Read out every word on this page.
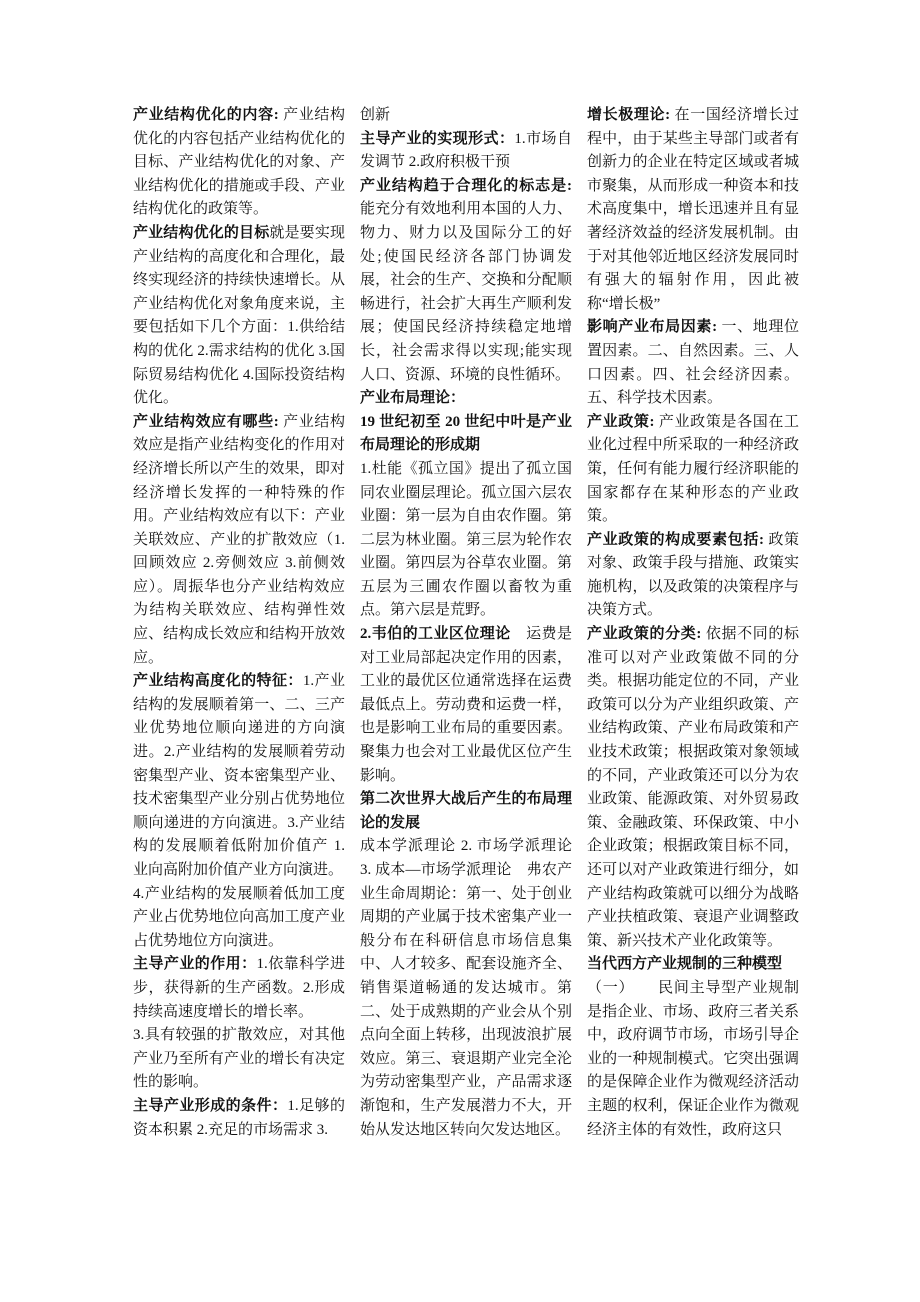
产业结构优化的内容: 产业结构优化的内容包括产业结构优化的目标、产业结构优化的对象、产业结构优化的措施或手段、产业结构优化的政策等。

产业结构优化的目标就是要实现产业结构的高度化和合理化，最终实现经济的持续快速增长。从产业结构优化对象角度来说，主要包括如下几个方面：1.供给结构的优化 2.需求结构的优化 3.国际贸易结构优化 4.国际投资结构优化。

产业结构效应有哪些: 产业结构效应是指产业结构变化的作用对经济增长所以产生的效果，即对经济增长发挥的一种特殊的作用。产业结构效应有以下：产业关联效应、产业的扩散效应（1.回顾效应 2.旁侧效应 3.前侧效应）。周振华也分产业结构效应为结构关联效应、结构弹性效应、结构成长效应和结构开放效应。

产业结构高度化的特征：1.产业结构的发展顺着第一、二、三产业优势地位顺向递进的方向演进。2.产业结构的发展顺着劳动密集型产业、资本密集型产业、技术密集型产业分别占优势地位顺向递进的方向演进。3.产业结构的发展顺着低附加价值产 1. 业向高附加价值产业方向演进。

4.产业结构的发展顺着低加工度产业占优势地位向高加工度产业占优势地位方向演进。

主导产业的作用：1.依靠科学进步，获得新的生产函数。2.形成持续高速度增长的增长率。

3.具有较强的扩散效应，对其他产业乃至所有产业的增长有决定性的影响。

主导产业形成的条件：1.足够的资本积累 2.充足的市场需求 3.

创新

主导产业的实现形式：1.市场自发调节 2.政府积极干预

产业结构趋于合理化的标志是: 能充分有效地利用本国的人力、物力、财力以及国际分工的好处;使国民经济各部门协调发展，社会的生产、交换和分配顺畅进行，社会扩大再生产顺利发展；使国民经济持续稳定地增长，社会需求得以实现;能实现人口、资源、环境的良性循环。

产业布局理论：

19 世纪初至 20 世纪中叶是产业布局理论的形成期

1.杜能《孤立国》提出了孤立国同农业圈层理论。孤立国六层农业圈：第一层为自由农作圈。第二层为林业圈。第三层为轮作农业圈。第四层为谷草农业圈。第五层为三圃农作圈以畜牧为重点。第六层是荒野。

2.韦伯的工业区位理论　运费是对工业局部起决定作用的因素，工业的最优区位通常选择在运费最低点上。劳动费和运费一样，也是影响工业布局的重要因素。聚集力也会对工业最优区位产生影响。

第二次世界大战后产生的布局理论的发展

成本学派理论 2. 市场学派理论 3. 成本—市场学派理论　弗农产业生命周期论：第一、处于创业周期的产业属于技术密集产业一般分布在科研信息市场信息集中、人才较多、配套设施齐全、销售渠道畅通的发达城市。第二、处于成熟期的产业会从个别点向全面上转移，出现波浪扩展效应。第三、衰退期产业完全沦为劳动密集型产业，产品需求逐渐饱和，生产发展潜力不大，开始从发达地区转向欠发达地区。

增长极理论: 在一国经济增长过程中，由于某些主导部门或者有创新力的企业在特定区域或者城市聚集，从而形成一种资本和技术高度集中，增长迅速并且有显著经济效益的经济发展机制。由于对其他邻近地区经济发展同时有强大的辐射作用，因此被称“增长极”

影响产业布局因素: 一、地理位置因素。二、自然因素。三、人口因素。四、社会经济因素。五、科学技术因素。

产业政策: 产业政策是各国在工业化过程中所采取的一种经济政策，任何有能力履行经济职能的国家都存在某种形态的产业政策。

产业政策的构成要素包括: 政策对象、政策手段与措施、政策实施机构，以及政策的决策程序与决策方式。

产业政策的分类: 依据不同的标准可以对产业政策做不同的分类。根据功能定位的不同，产业政策可以分为产业组织政策、产业结构政策、产业布局政策和产业技术政策；根据政策对象领域的不同，产业政策还可以分为农业政策、能源政策、对外贸易政策、金融政策、环保政策、中小企业政策；根据政策目标不同，还可以对产业政策进行细分，如产业结构政策就可以细分为战略产业扶植政策、衰退产业调整政策、新兴技术产业化政策等。

当代西方产业规制的三种模型

（一）　　民间主导型产业规制是指企业、市场、政府三者关系中，政府调节市场，市场引导企业的一种规制模式。它突出强调的是保障企业作为微观经济活动主题的权利，保证企业作为微观经济主体的有效性，政府这只
